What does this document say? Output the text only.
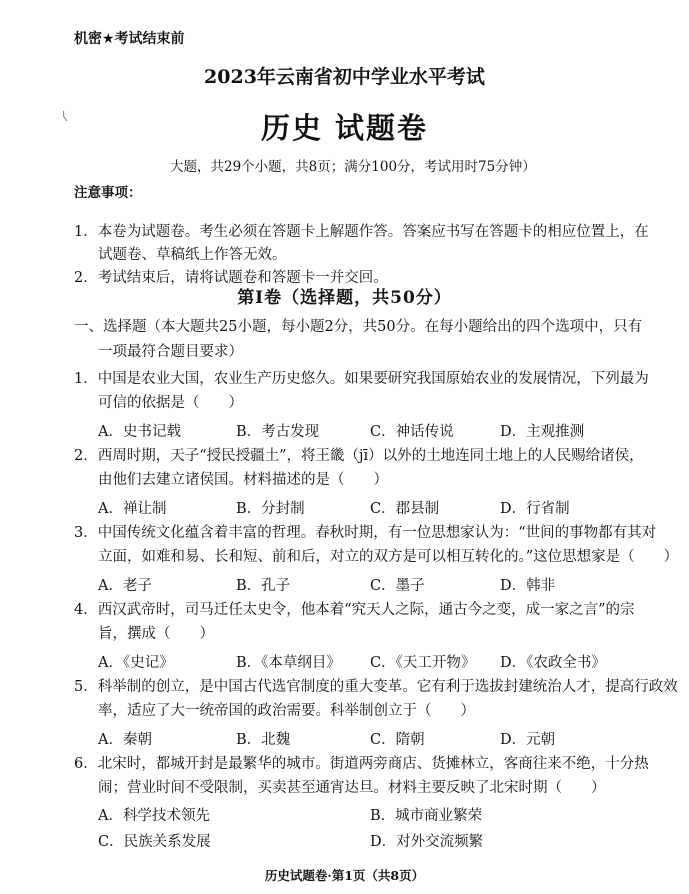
机密★考试结束前
2023年云南省初中学业水平考试
⟨	历史 试题卷
大题，共29个小题，共8页；满分100分，考试用时75分钟）
注意事项：
1．本卷为试题卷。考生必须在答题卡上解题作答。答案应书写在答题卡的相应位置上，在
试题卷、草稿纸上作答无效。
2．考试结束后，请将试题卷和答题卡一并交回。
第Ⅰ卷（选择题，共50分）
一、选择题（本大题共25小题，每小题2分，共50分。在每小题给出的四个选项中，只有
一项最符合题目要求）
1．中国是农业大国，农业生产历史悠久。如果要研究我国原始农业的发展情况，下列最为
可信的依据是（　　）
A．史书记载	B．考古发现	C．神话传说	D．主观推测
2．西周时期，天子“授民授疆土”，将王畿（jī）以外的土地连同土地上的人民赐给诸侯，
由他们去建立诸侯国。材料描述的是（　　）
A．禅让制	B．分封制	C．郡县制	D．行省制
3．中国传统文化蕴含着丰富的哲理。春秋时期，有一位思想家认为：“世间的事物都有其对
立面，如难和易、长和短、前和后，对立的双方是可以相互转化的。”这位思想家是（　　）
A．老子	B．孔子	C．墨子	D．韩非
4．西汉武帝时，司马迁任太史令，他本着“究天人之际，通古今之变，成一家之言”的宗
旨，撰成（　　）
A．《史记》	B．《本草纲目》 C．《天工开物》 D．《农政全书》
5．科举制的创立，是中国古代选官制度的重大变革。它有利于选拔封建统治人才，提高行政效
率，适应了大一统帝国的政治需要。科举制创立于（　　）
A．秦朝	B．北魏	C．隋朝	D．元朝
6．北宋时，都城开封是最繁华的城市。街道两旁商店、货摊林立，客商往来不绝，十分热
闹；营业时间不受限制，买卖甚至通宵达旦。材料主要反映了北宋时期（　　）
A．科学技术领先	B．城市商业繁荣
C．民族关系发展	D．对外交流频繁
历史试题卷·第1页（共8页）
